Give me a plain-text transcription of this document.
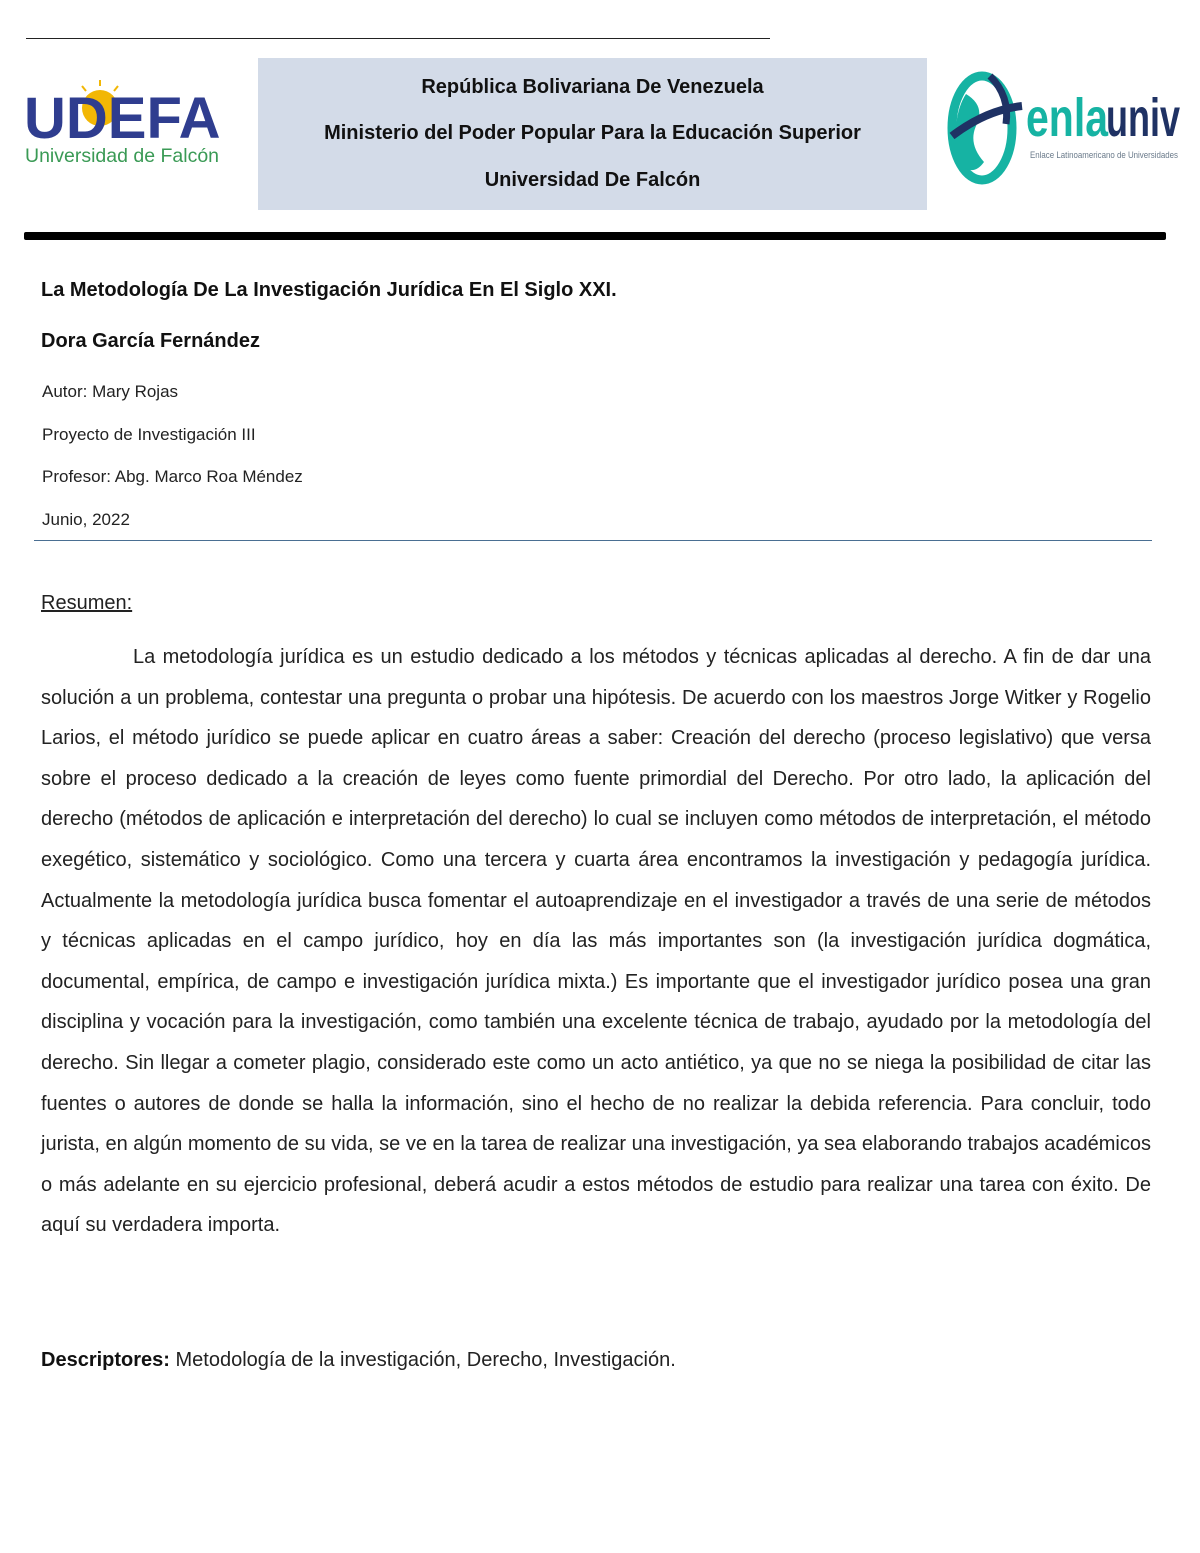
UDEFA
Universidad de Falcón
República Bolivariana De Venezuela
Ministerio del Poder Popular Para la Educación Superior
Universidad De Falcón
enla
univ
Enlace Latinoamericano de Universidades
La Metodología De La Investigación Jurídica En El Siglo XXI.
Dora García Fernández
Autor: Mary Rojas
Proyecto de Investigación III
Profesor: Abg. Marco Roa Méndez
Junio, 2022
Resumen:

La metodología jurídica es un estudio dedicado a los métodos y técnicas aplicadas al derecho. A fin de dar una solución a un problema, contestar una pregunta o probar una hipótesis. De acuerdo con los maestros Jorge Witker y Rogelio Larios, el método jurídico se puede aplicar en cuatro áreas a saber: Creación del derecho (proceso legislativo) que versa sobre el proceso dedicado a la creación de leyes como fuente primordial del Derecho. Por otro lado, la aplicación del derecho (métodos de aplicación e interpretación del derecho) lo cual se incluyen como métodos de interpretación, el método exegético, sistemático y sociológico. Como una tercera y cuarta área encontramos la investigación y pedagogía jurídica. Actualmente la metodología jurídica busca fomentar el autoaprendizaje en el investigador a través de una serie de métodos y técnicas aplicadas en el campo jurídico, hoy en día las más importantes son (la investigación jurídica dogmática, documental, empírica, de campo e investigación jurídica mixta.) Es importante que el investigador jurídico posea una gran disciplina y vocación para la investigación, como también una excelente técnica de trabajo, ayudado por la metodología del derecho. Sin llegar a cometer plagio, considerado este como un acto antiético, ya que no se niega la posibilidad de citar las fuentes o autores de donde se halla la información, sino el hecho de no realizar la debida referencia. Para concluir, todo jurista, en algún momento de su vida, se ve en la tarea de realizar una investigación, ya sea elaborando trabajos académicos o más adelante en su ejercicio profesional, deberá acudir a estos métodos de estudio para realizar una tarea con éxito. De aquí su verdadera importa.

Descriptores: Metodología de la investigación, Derecho, Investigación.
